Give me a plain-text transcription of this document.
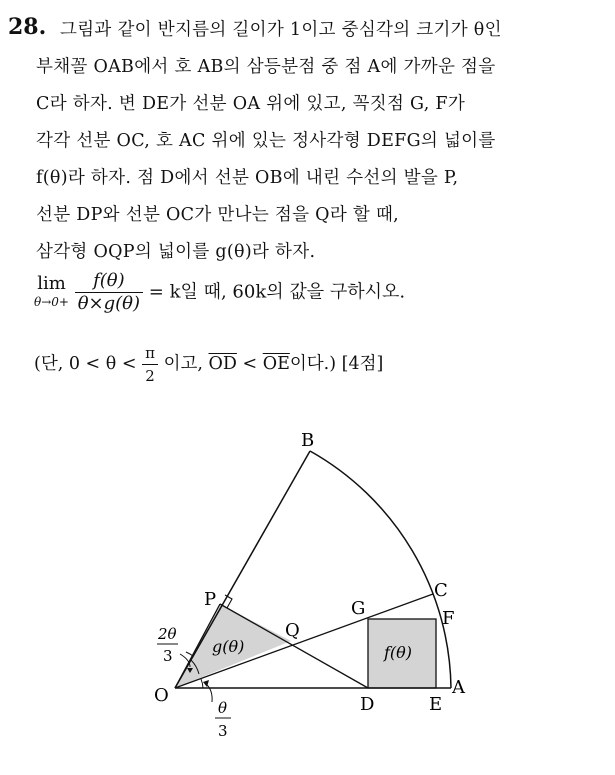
28. 그림과 같이 반지름의 길이가 1이고 중심각의 크기가 θ인
부채꼴 OAB에서 호 AB의 삼등분점 중 점 A에 가까운 점을
C라 하자. 변 DE가 선분 OA 위에 있고, 꼭짓점 G, F가
각각 선분 OC, 호 AC 위에 있는 정사각형 DEFG의 넓이를
f(θ)라 하자. 점 D에서 선분 OB에 내린 수선의 발을 P,
선분 DP와 선분 OC가 만나는 점을 Q라 할 때,
삼각형 OQP의 넓이를 g(θ)라 하자.
lim
θ→0+
$\frac{f(\theta)}{\theta\times g(\theta)} = k$일 때, 60k의 값을 구하시오.
(단, $0 < \theta < \frac{\pi}{2}$ 이고, $\overline{OD} < \overline{OE}$이다.) [4점]
B
C
F
G
P
Q
O	D	E
A
g(θ)	f(θ)
2θ
3
θ
3
